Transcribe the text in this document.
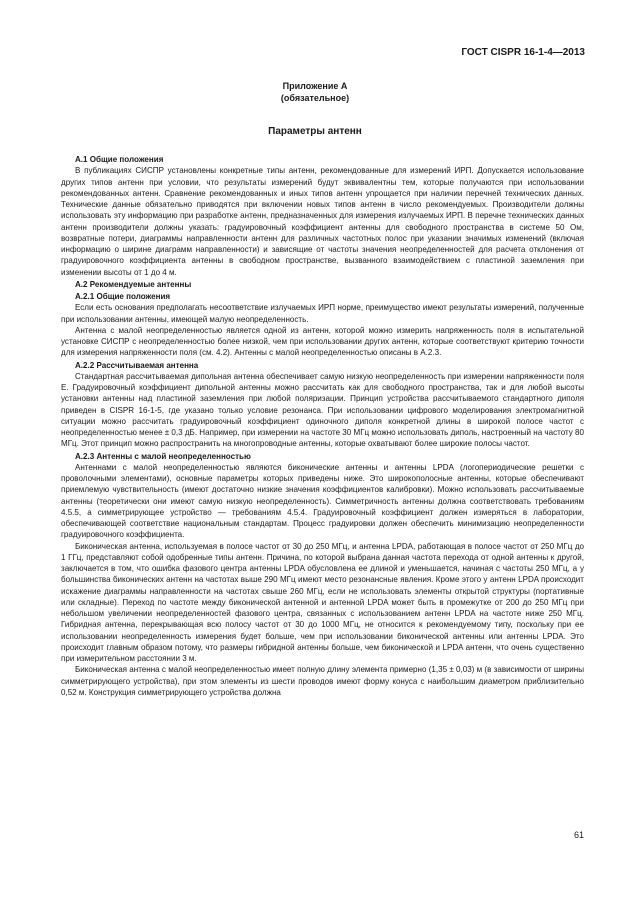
ГОСТ CISPR 16-1-4—2013
Приложение А
(обязательное)
Параметры антенн

А.1 Общие положения

В публикациях СИСПР установлены конкретные типы антенн, рекомендованные для измерений ИРП. Допускается использование других типов антенн при условии, что результаты измерений будут эквивалентны тем, которые получаются при использовании рекомендованных антенн. Сравнение рекомендованных и иных типов антенн упрощается при наличии перечней технических данных. Технические данные обязательно приводятся при включении новых типов антенн в число рекомендуемых. Производители должны использовать эту информацию при разработке антенн, предназначенных для измерения излучаемых ИРП. В перечне технических данных антенн производители должны указать: градуировочный коэффициент антенны для свободного пространства в системе 50 Ом, возвратные потери, диаграммы направленности антенн для различных частотных полос при указании значимых изменений (включая информацию о ширине диаграмм направленности) и зависящие от частоты значения неопределенностей для расчета отклонения от градуировочного коэффициента антенны в свободном пространстве, вызванного взаимодействием с пластиной заземления при изменении высоты от 1 до 4 м.

А.2 Рекомендуемые антенны

А.2.1 Общие положения

Если есть основания предполагать несоответствие излучаемых ИРП норме, преимущество имеют результаты измерений, полученные при использовании антенны, имеющей малую неопределенность.

Антенна с малой неопределенностью является одной из антенн, которой можно измерить напряженность поля в испытательной установке СИСПР с неопределенностью более низкой, чем при использовании других антенн, которые соответствуют критерию точности для измерения напряженности поля (см. 4.2). Антенны с малой неопределенностью описаны в А.2.3.

А.2.2 Рассчитываемая антенна

Стандартная рассчитываемая дипольная антенна обеспечивает самую низкую неопределенность при измерении напряженности поля E. Градуировочный коэффициент дипольной антенны можно рассчитать как для свободного пространства, так и для любой высоты установки антенны над пластиной заземления при любой поляризации. Принцип устройства рассчитываемого стандартного диполя приведен в CISPR 16-1-5, где указано только условие резонанса. При использовании цифрового моделирования электромагнитной ситуации можно рассчитать градуировочный коэффициент одиночного диполя конкретной длины в широкой полосе частот с неопределенностью менее ± 0,3 дБ. Например, при измерении на частоте 30 МГц можно использовать диполь, настроенный на частоту 80 МГц. Этот принцип можно распространить на многопроводные антенны, которые охватывают более широкие полосы частот.

А.2.3 Антенны с малой неопределенностью

Антеннами с малой неопределенностью являются биконические антенны и антенны LPDA (логопериодические решетки с проволочными элементами), основные параметры которых приведены ниже. Это широкополосные антенны, которые обеспечивают приемлемую чувствительность (имеют достаточно низкие значения коэффициентов калибровки). Можно использовать рассчитываемые антенны (теоретически они имеют самую низкую неопределенность). Симметричность антенны должна соответствовать требованиям 4.5.5, а симметрирующее устройство — требованиям 4.5.4. Градуировочный коэффициент должен измеряться в лаборатории, обеспечивающей соответствие национальным стандартам. Процесс градуировки должен обеспечить минимизацию неопределенности градуировочного коэффициента.

Биконическая антенна, используемая в полосе частот от 30 до 250 МГц, и антенна LPDA, работающая в полосе частот от 250 МГц до 1 ГГц, представляют собой одобренные типы антенн. Причина, по которой выбрана данная частота перехода от одной антенны к другой, заключается в том, что ошибка фазового центра антенны LPDA обусловлена ее длиной и уменьшается, начиная с частоты 250 МГц, а у большинства биконических антенн на частотах выше 290 МГц имеют место резонансные явления. Кроме этого у антенн LPDA происходит искажение диаграммы направленности на частотах свыше 260 МГц, если не использовать элементы открытой структуры (портативные или складные). Переход по частоте между биконической антенной и антенной LPDA может быть в промежутке от 200 до 250 МГц при небольшом увеличении неопределенностей фазового центра, связанных с использованием антенн LPDA на частоте ниже 250 МГц. Гибридная антенна, перекрывающая всю полосу частот от 30 до 1000 МГц, не относится к рекомендуемому типу, поскольку при ее использовании неопределенность измерения будет больше, чем при использовании биконической антенны или антенны LPDA. Это происходит главным образом потому, что размеры гибридной антенны больше, чем биконической и LPDA антенн, что очень существенно при измерительном расстоянии 3 м.

Биконическая антенна с малой неопределенностью имеет полную длину элемента примерно (1,35 ± 0,03) м (в зависимости от ширины симметрирующего устройства), при этом элементы из шести проводов имеют форму конуса с наибольшим диаметром приблизительно 0,52 м. Конструкция симметрирующего устройства должна

61
